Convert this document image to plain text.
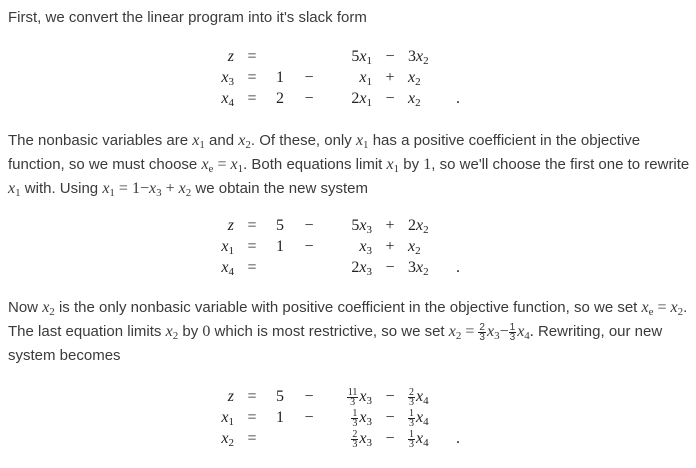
First, we convert the linear program into it's slack form
z	=			$5x_1$	−	$3x_2$	
$x_3$	=	1	−	$x_1$	+	$x_2$	
$x_4$	=	2	−	$2x_1$	−	$x_2$	.
The nonbasic variables are $x_1$ and $x_2$. Of these, only $x_1$ has a positive coefficient in the objective function, so we must choose $x_e = x_1$. Both equations limit $x_1$ by 1, so we'll choose the first one to rewrite $x_1$ with. Using $x_1 = 1-x_3 + x_2$ we obtain the new system
z	=	5	−	$5x_3$	+	$2x_2$	
$x_1$	=	1	−	$x_3$	+	$x_2$	
$x_4$	=			$2x_3$	−	$3x_2$	.
Now $x_2$ is the only nonbasic variable with positive coefficient in the objective function, so we set $x_e = x_2$. The last equation limits $x_2$ by 0 which is most restrictive, so we set $x_2 = \frac{2}{3} x_3- \frac{1}{3} x_4$. Rewriting, our new system becomes
z	=	5	−	$\frac{11}{3} x_3$	−	$\frac{2}{3} x_4$	
$x_1$	=	1	−	$\frac{1}{3} x_3$	−	$\frac{1}{3} x_4$	
$x_2$	=			$\frac{2}{3} x_3$	−	$\frac{1}{3} x_4$	.
